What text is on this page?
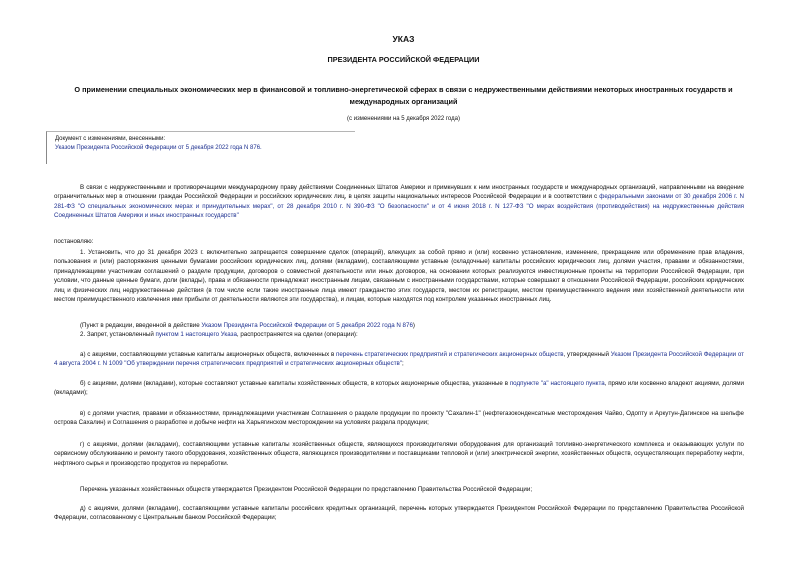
УКАЗ
ПРЕЗИДЕНТА РОССИЙСКОЙ ФЕДЕРАЦИИ
О применении специальных экономических мер в финансовой и топливно-энергетической сферах в связи с недружественными действиями некоторых иностранных государств и международных организаций
(с изменениями на 5 декабря 2022 года)
Документ с изменениями, внесенными:
Указом Президента Российской Федерации от 5 декабря 2022 года N 876.
В связи с недружественными и противоречащими международному праву действиями Соединенных Штатов Америки и примкнувших к ним иностранных государств и международных организаций, направленными на введение ограничительных мер в отношении граждан Российской Федерации и российских юридических лиц, в целях защиты национальных интересов Российской Федерации и в соответствии с федеральными законами от 30 декабря 2006 г. N 281-ФЗ "О специальных экономических мерах и принудительных мерах", от 28 декабря 2010 г. N 390-ФЗ "О безопасности" и от 4 июня 2018 г. N 127-ФЗ "О мерах воздействия (противодействия) на недружественные действия Соединенных Штатов Америки и иных иностранных государств"
постановляю:
1. Установить, что до 31 декабря 2023 г. включительно запрещается совершение сделок (операций), влекущих за собой прямо и (или) косвенно установление, изменение, прекращение или обременение прав владения, пользования и (или) распоряжения ценными бумагами российских юридических лиц, долями (вкладами), составляющими уставные (складочные) капиталы российских юридических лиц, долями участия, правами и обязанностями, принадлежащими участникам соглашений о разделе продукции, договоров о совместной деятельности или иных договоров, на основании которых реализуются инвестиционные проекты на территории Российской Федерации, при условии, что данные ценные бумаги, доли (вклады), права и обязанности принадлежат иностранным лицам, связанным с иностранными государствами, которые совершают в отношении Российской Федерации, российских юридических лиц и физических лиц недружественные действия (в том числе если такие иностранные лица имеют гражданство этих государств, местом их регистрации, местом преимущественного ведения ими хозяйственной деятельности или местом преимущественного извлечения ими прибыли от деятельности являются эти государства), и лицам, которые находятся под контролем указанных иностранных лиц.
(Пункт в редакции, введенной в действие Указом Президента Российской Федерации от 5 декабря 2022 года N 876)
2. Запрет, установленный пунктом 1 настоящего Указа, распространяется на сделки (операции):
а) с акциями, составляющими уставные капиталы акционерных обществ, включенных в перечень стратегических предприятий и стратегических акционерных обществ, утвержденный Указом Президента Российской Федерации от 4 августа 2004 г. N 1009 "Об утверждении перечня стратегических предприятий и стратегических акционерных обществ";
б) с акциями, долями (вкладами), которые составляют уставные капиталы хозяйственных обществ, в которых акционерные общества, указанные в подпункте "а" настоящего пункта, прямо или косвенно владеют акциями, долями (вкладами);
в) с долями участия, правами и обязанностями, принадлежащими участникам Соглашения о разделе продукции по проекту "Сахалин-1" (нефтегазоконденсатные месторождения Чайво, Одопту и Аркутун-Дагинское на шельфе острова Сахалин) и Соглашения о разработке и добыче нефти на Харьягинском месторождении на условиях раздела продукции;
г) с акциями, долями (вкладами), составляющими уставные капиталы хозяйственных обществ, являющихся производителями оборудования для организаций топливно-энергетического комплекса и оказывающих услуги по сервисному обслуживанию и ремонту такого оборудования, хозяйственных обществ, являющихся производителями и поставщиками тепловой и (или) электрической энергии, хозяйственных обществ, осуществляющих переработку нефти, нефтяного сырья и производство продуктов из переработки.
Перечень указанных хозяйственных обществ утверждается Президентом Российской Федерации по представлению Правительства Российской Федерации;
д) с акциями, долями (вкладами), составляющими уставные капиталы российских кредитных организаций, перечень которых утверждается Президентом Российской Федерации по представлению Правительства Российской Федерации, согласованному с Центральным банком Российской Федерации;
